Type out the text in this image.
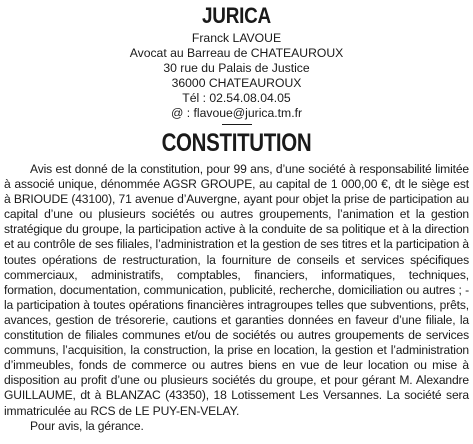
JURICA
Franck LAVOUE
Avocat au Barreau de CHATEAUROUX
30 rue du Palais de Justice
36000 CHATEAUROUX
Tél : 02.54.08.04.05
@ : flavoue@jurica.tm.fr
CONSTITUTION
Avis est donné de la constitution, pour 99 ans, d’une société à responsabilité limitée à associé unique, dénommée AGSR GROUPE, au capital de 1 000,00 €, dt le siège est à BRIOUDE (43100), 71 avenue d’Auvergne, ayant pour objet la prise de participation au capital d’une ou plusieurs sociétés ou autres groupements, l’animation et la gestion stratégique du groupe, la participation active à la conduite de sa politique et à la direction et au contrôle de ses filiales, l’administration et la gestion de ses titres et la participation à toutes opérations de restructuration, la fourniture de conseils et services spécifiques commerciaux, administratifs, comptables, financiers, informatiques, techniques, formation, documentation, communication, publicité, recherche, domiciliation ou autres ; - la participation à toutes opérations financières intragroupes telles que subventions, prêts, avances, gestion de trésorerie, cautions et garanties données en faveur d’une filiale, la constitution de filiales communes et/ou de sociétés ou autres groupements de services communs, l’acquisition, la construction, la prise en location, la gestion et l’administration d’immeubles, fonds de commerce ou autres biens en vue de leur location ou mise à disposition au profit d’une ou plusieurs sociétés du groupe, et pour gérant M. Alexandre GUILLAUME, dt à BLANZAC (43350), 18 Lotissement Les Versannes. La société sera immatriculée au RCS de LE PUY-EN-VELAY.
Pour avis, la gérance.
